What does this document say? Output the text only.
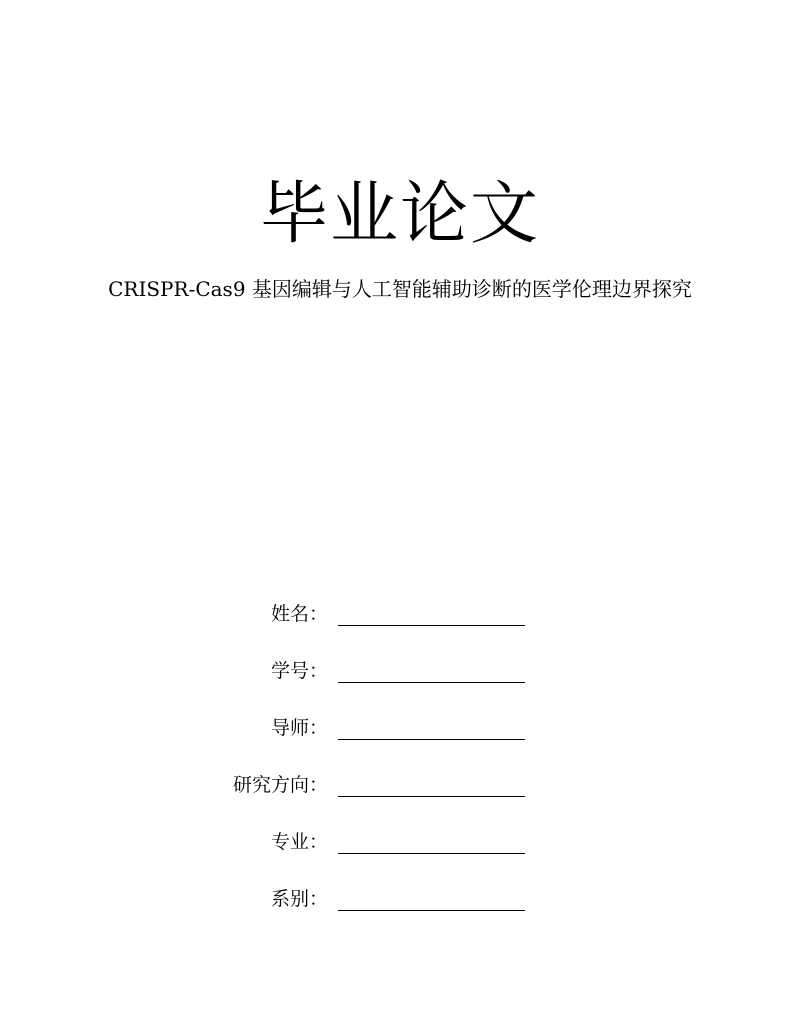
毕业论文

CRISPR-Cas9 基因编辑与人工智能辅助诊断的医学伦理边界探究

姓名：
学号：
导师：
研究方向：
专业：
系别：
